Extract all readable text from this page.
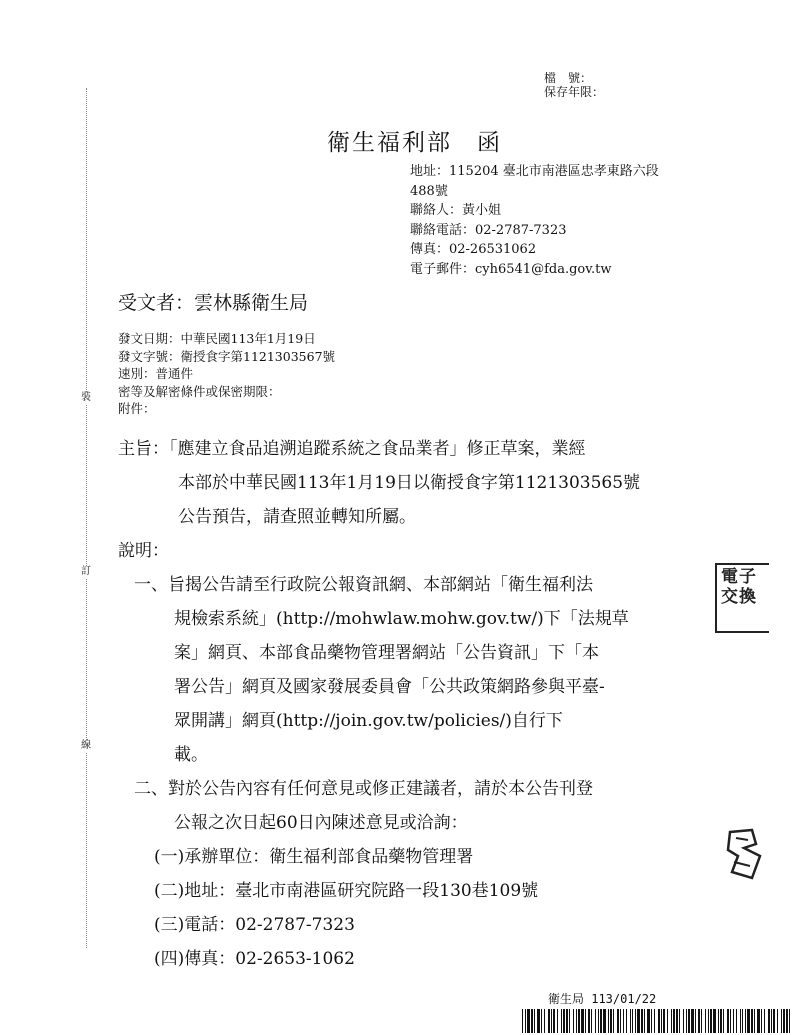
檔　號：
保存年限：
衛生福利部　函
地址：115204 臺北市南港區忠孝東路六段
488號
聯絡人：黃小姐
聯絡電話：02-2787-7323
傳真：02-26531062
電子郵件：cyh6541@fda.gov.tw
受文者：雲林縣衛生局
發文日期：中華民國113年1月19日
發文字號：衛授食字第1121303567號
速別：普通件
密等及解密條件或保密期限：
附件：
主旨：「應建立食品追溯追蹤系統之食品業者」修正草案，業經
本部於中華民國113年1月19日以衛授食字第1121303565號
公告預告，請查照並轉知所屬。
說明：
一、旨揭公告請至行政院公報資訊網、本部網站「衛生福利法
規檢索系統」(http://mohwlaw.mohw.gov.tw/)下「法規草
案」網頁、本部食品藥物管理署網站「公告資訊」下「本
署公告」網頁及國家發展委員會「公共政策網路參與平臺-
眾開講」網頁(http://join.gov.tw/policies/)自行下
載。
二、對於公告內容有任何意見或修正建議者，請於本公告刊登
公報之次日起60日內陳述意見或洽詢：
(一)承辦單位：衛生福利部食品藥物管理署
(二)地址：臺北市南港區研究院路一段130巷109號
(三)電話：02-2787-7323
(四)傳真：02-2653-1062
裝
訂
線
電子交換
衛生局 113/01/22
